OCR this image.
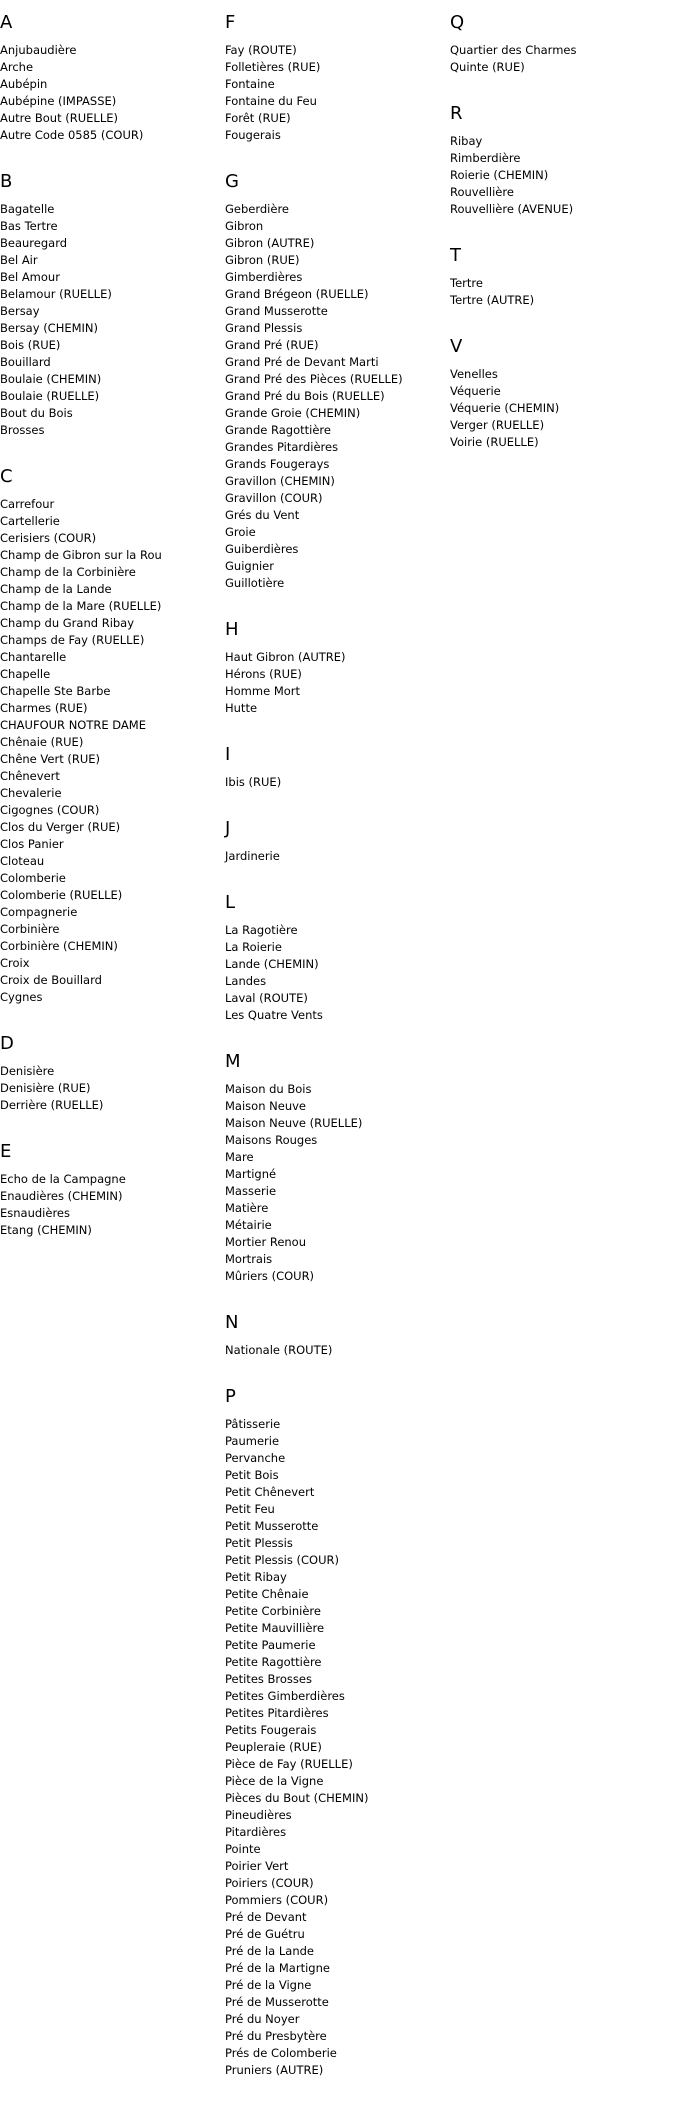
A
Anjubaudière
Arche
Aubépin
Aubépine (IMPASSE)
Autre Bout (RUELLE)
Autre Code 0585 (COUR)
B
Bagatelle
Bas Tertre
Beauregard
Bel Air
Bel Amour
Belamour (RUELLE)
Bersay
Bersay (CHEMIN)
Bois (RUE)
Bouillard
Boulaie (CHEMIN)
Boulaie (RUELLE)
Bout du Bois
Brosses
C
Carrefour
Cartellerie
Cerisiers (COUR)
Champ de Gibron sur la Rou
Champ de la Corbinière
Champ de la Lande
Champ de la Mare (RUELLE)
Champ du Grand Ribay
Champs de Fay (RUELLE)
Chantarelle
Chapelle
Chapelle Ste Barbe
Charmes (RUE)
CHAUFOUR NOTRE DAME
Chênaie (RUE)
Chêne Vert (RUE)
Chênevert
Chevalerie
Cigognes (COUR)
Clos du Verger (RUE)
Clos Panier
Cloteau
Colomberie
Colomberie (RUELLE)
Compagnerie
Corbinière
Corbinière (CHEMIN)
Croix
Croix de Bouillard
Cygnes
D
Denisière
Denisière (RUE)
Derrière (RUELLE)
E
Echo de la Campagne
Enaudières (CHEMIN)
Esnaudières
Etang (CHEMIN)
F
Fay (ROUTE)
Folletières (RUE)
Fontaine
Fontaine du Feu
Forêt (RUE)
Fougerais
G
Geberdière
Gibron
Gibron (AUTRE)
Gibron (RUE)
Gimberdières
Grand Brégeon (RUELLE)
Grand Musserotte
Grand Plessis
Grand Pré (RUE)
Grand Pré de Devant Marti
Grand Pré des Pièces (RUELLE)
Grand Pré du Bois (RUELLE)
Grande Groie (CHEMIN)
Grande Ragottière
Grandes Pitardières
Grands Fougerays
Gravillon (CHEMIN)
Gravillon (COUR)
Grés du Vent
Groie
Guiberdières
Guignier
Guillotière
H
Haut Gibron (AUTRE)
Hérons (RUE)
Homme Mort
Hutte
I
Ibis (RUE)
J
Jardinerie
L
La Ragotière
La Roierie
Lande (CHEMIN)
Landes
Laval (ROUTE)
Les Quatre Vents
M
Maison du Bois
Maison Neuve
Maison Neuve (RUELLE)
Maisons Rouges
Mare
Martigné
Masserie
Matière
Métairie
Mortier Renou
Mortrais
Mûriers (COUR)
N
Nationale (ROUTE)
P
Pâtisserie
Paumerie
Pervanche
Petit Bois
Petit Chênevert
Petit Feu
Petit Musserotte
Petit Plessis
Petit Plessis (COUR)
Petit Ribay
Petite Chênaie
Petite Corbinière
Petite Mauvillière
Petite Paumerie
Petite Ragottière
Petites Brosses
Petites Gimberdières
Petites Pitardières
Petits Fougerais
Peupleraie (RUE)
Pièce de Fay (RUELLE)
Pièce de la Vigne
Pièces du Bout (CHEMIN)
Pineudières
Pitardières
Pointe
Poirier Vert
Poiriers (COUR)
Pommiers (COUR)
Pré de Devant
Pré de Guétru
Pré de la Lande
Pré de la Martigne
Pré de la Vigne
Pré de Musserotte
Pré du Noyer
Pré du Presbytère
Prés de Colomberie
Pruniers (AUTRE)
Q
Quartier des Charmes
Quinte (RUE)
R
Ribay
Rimberdière
Roierie (CHEMIN)
Rouvellière
Rouvellière (AVENUE)
T
Tertre
Tertre (AUTRE)
V
Venelles
Véquerie
Véquerie (CHEMIN)
Verger (RUELLE)
Voirie (RUELLE)
